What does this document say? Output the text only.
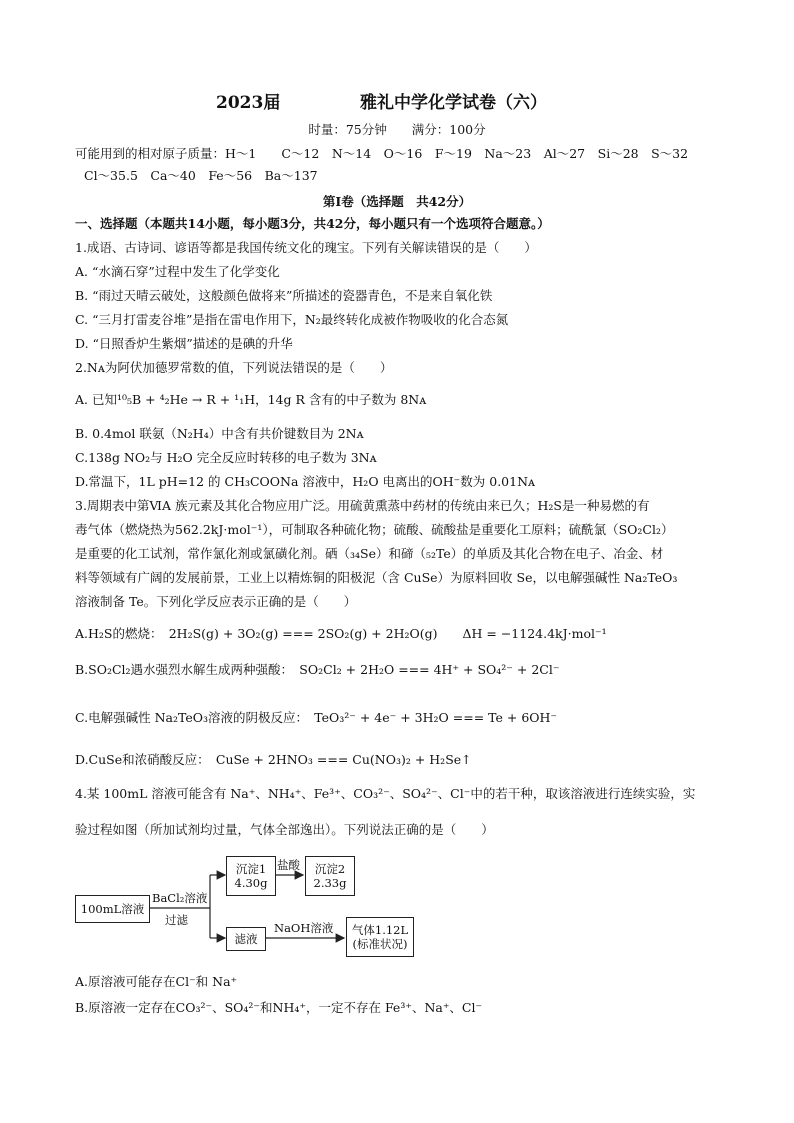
2023届	雅礼中学化学试卷（六）
时量：75分钟　　满分：100分
可能用到的相对原子质量：H～1　　C～12　N～14　O～16　F～19　Na～23　Al～27　Si～28　S～32
Cl～35.5　Ca～40　Fe～56　Ba～137
第Ⅰ卷（选择题　共42分）
一、选择题（本题共14小题，每小题3分，共42分，每小题只有一个选项符合题意。）
1.成语、古诗词、谚语等都是我国传统文化的瑰宝。下列有关解读错误的是（　　）
A. “水滴石穿”过程中发生了化学变化
B. “雨过天晴云破处，这般颜色做将来”所描述的瓷器青色，不是来自氧化铁
C. “三月打雷麦谷堆”是指在雷电作用下，N₂最终转化成被作物吸收的化合态氮
D. “日照香炉生紫烟”描述的是碘的升华
2.Nᴀ为阿伏加德罗常数的值，下列说法错误的是（　　）
A. 已知¹⁰₅B + ⁴₂He → R + ¹₁H，14g R 含有的中子数为 8Nᴀ
B. 0.4mol 联氨（N₂H₄）中含有共价键数目为 2Nᴀ
C.138g NO₂与 H₂O 完全反应时转移的电子数为 3Nᴀ
D.常温下，1L pH=12 的 CH₃COONa 溶液中，H₂O 电离出的OH⁻数为 0.01Nᴀ
3.周期表中第ⅥA 族元素及其化合物应用广泛。用硫黄熏蒸中药材的传统由来已久；H₂S是一种易燃的有
毒气体（燃烧热为562.2kJ·mol⁻¹），可制取各种硫化物；硫酸、硫酸盐是重要化工原料；硫酰氯（SO₂Cl₂）
是重要的化工试剂，常作氯化剂或氯磺化剂。硒（₃₄Se）和碲（₅₂Te）的单质及其化合物在电子、冶金、材
料等领域有广阔的发展前景，工业上以精炼铜的阳极泥（含 CuSe）为原料回收 Se，以电解强碱性 Na₂TeO₃
溶液制备 Te。下列化学反应表示正确的是（　　）
A.H₂S的燃烧：　2H₂S(g) + 3O₂(g) === 2SO₂(g) + 2H₂O(g)　　ΔH = −1124.4kJ·mol⁻¹
B.SO₂Cl₂遇水强烈水解生成两种强酸：　SO₂Cl₂ + 2H₂O === 4H⁺ + SO₄²⁻ + 2Cl⁻
C.电解强碱性 Na₂TeO₃溶液的阴极反应：　TeO₃²⁻ + 4e⁻ + 3H₂O === Te + 6OH⁻
D.CuSe和浓硝酸反应：　CuSe + 2HNO₃ === Cu(NO₃)₂ + H₂Se↑
4.某 100mL 溶液可能含有 Na⁺、NH₄⁺、Fe³⁺、CO₃²⁻、SO₄²⁻、Cl⁻中的若干种，取该溶液进行连续实验，实
验过程如图（所加试剂均过量，气体全部逸出）。下列说法正确的是（　　）
100mL溶液
BaCl₂溶液
过滤
沉淀1
4.30g
盐酸	沉淀2
2.33g
滤液
NaOH溶液	气体1.12L
(标准状况)
A.原溶液可能存在Cl⁻和 Na⁺
B.原溶液一定存在CO₃²⁻、SO₄²⁻和NH₄⁺，一定不存在 Fe³⁺、Na⁺、Cl⁻
